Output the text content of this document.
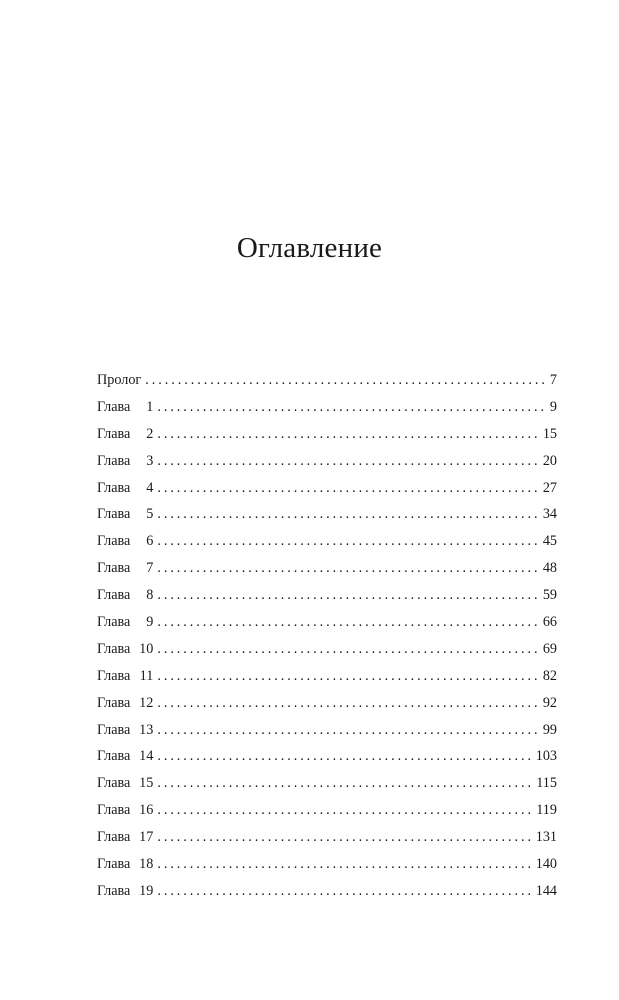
Оглавление
Пролог . . .	7
Глава 1 . . .	9
Глава 2 . . .	15
Глава 3 . . .	20
Глава 4 . . .	27
Глава 5 . . .	34
Глава 6 . . .	45
Глава 7 . . .	48
Глава 8 . . .	59
Глава 9 . . .	66
Глава 10 . . .	69
Глава 11 . . .	82
Глава 12 . . .	92
Глава 13 . . .	99
Глава 14 . . .	103
Глава 15 . . .	115
Глава 16 . . .	119
Глава 17 . . .	131
Глава 18 . . .	140
Глава 19 . . .	144
